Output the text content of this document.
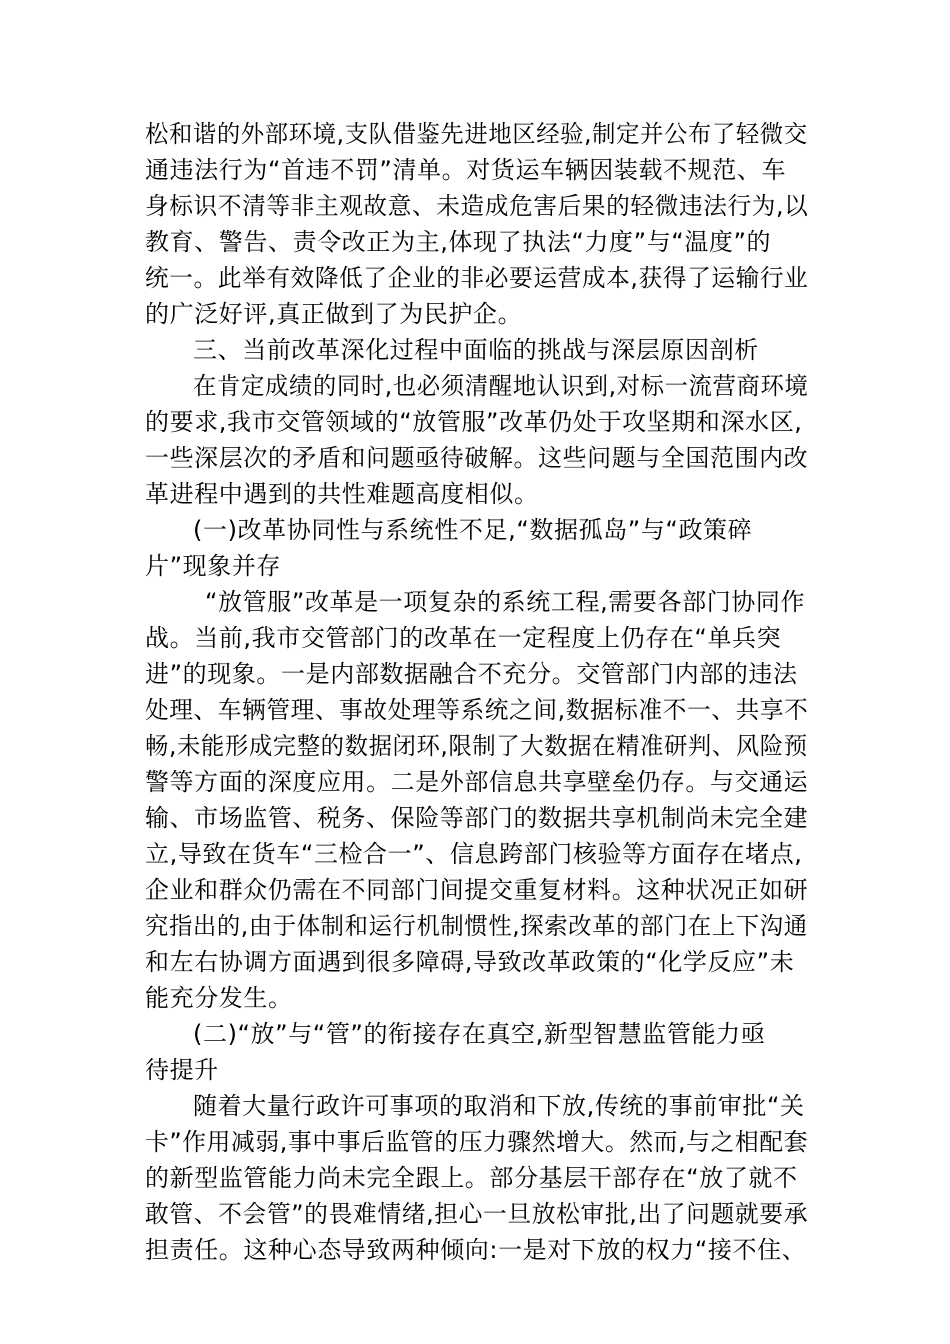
松和谐的外部环境,支队借鉴先进地区经验,制定并公布了轻微交
通违法行为“首违不罚”清单。对货运车辆因装载不规范、车
身标识不清等非主观故意、未造成危害后果的轻微违法行为,以
教育、警告、责令改正为主,体现了执法“力度”与“温度”的
统一。此举有效降低了企业的非必要运营成本,获得了运输行业
的广泛好评,真正做到了为民护企。
三、当前改革深化过程中面临的挑战与深层原因剖析
在肯定成绩的同时,也必须清醒地认识到,对标一流营商环境
的要求,我市交管领域的“放管服”改革仍处于攻坚期和深水区,
一些深层次的矛盾和问题亟待破解。这些问题与全国范围内改
革进程中遇到的共性难题高度相似。
(一)改革协同性与系统性不足,“数据孤岛”与“政策碎
片”现象并存
“放管服”改革是一项复杂的系统工程,需要各部门协同作
战。当前,我市交管部门的改革在一定程度上仍存在“单兵突
进”的现象。一是内部数据融合不充分。交管部门内部的违法
处理、车辆管理、事故处理等系统之间,数据标准不一、共享不
畅,未能形成完整的数据闭环,限制了大数据在精准研判、风险预
警等方面的深度应用。二是外部信息共享壁垒仍存。与交通运
输、市场监管、税务、保险等部门的数据共享机制尚未完全建
立,导致在货车“三检合一”、信息跨部门核验等方面存在堵点,
企业和群众仍需在不同部门间提交重复材料。这种状况正如研
究指出的,由于体制和运行机制惯性,探索改革的部门在上下沟通
和左右协调方面遇到很多障碍,导致改革政策的“化学反应”未
能充分发生。
(二)“放”与“管”的衔接存在真空,新型智慧监管能力亟
待提升
随着大量行政许可事项的取消和下放,传统的事前审批“关
卡”作用减弱,事中事后监管的压力骤然增大。然而,与之相配套
的新型监管能力尚未完全跟上。部分基层干部存在“放了就不
敢管、不会管”的畏难情绪,担心一旦放松审批,出了问题就要承
担责任。这种心态导致两种倾向:一是对下放的权力“接不住、
